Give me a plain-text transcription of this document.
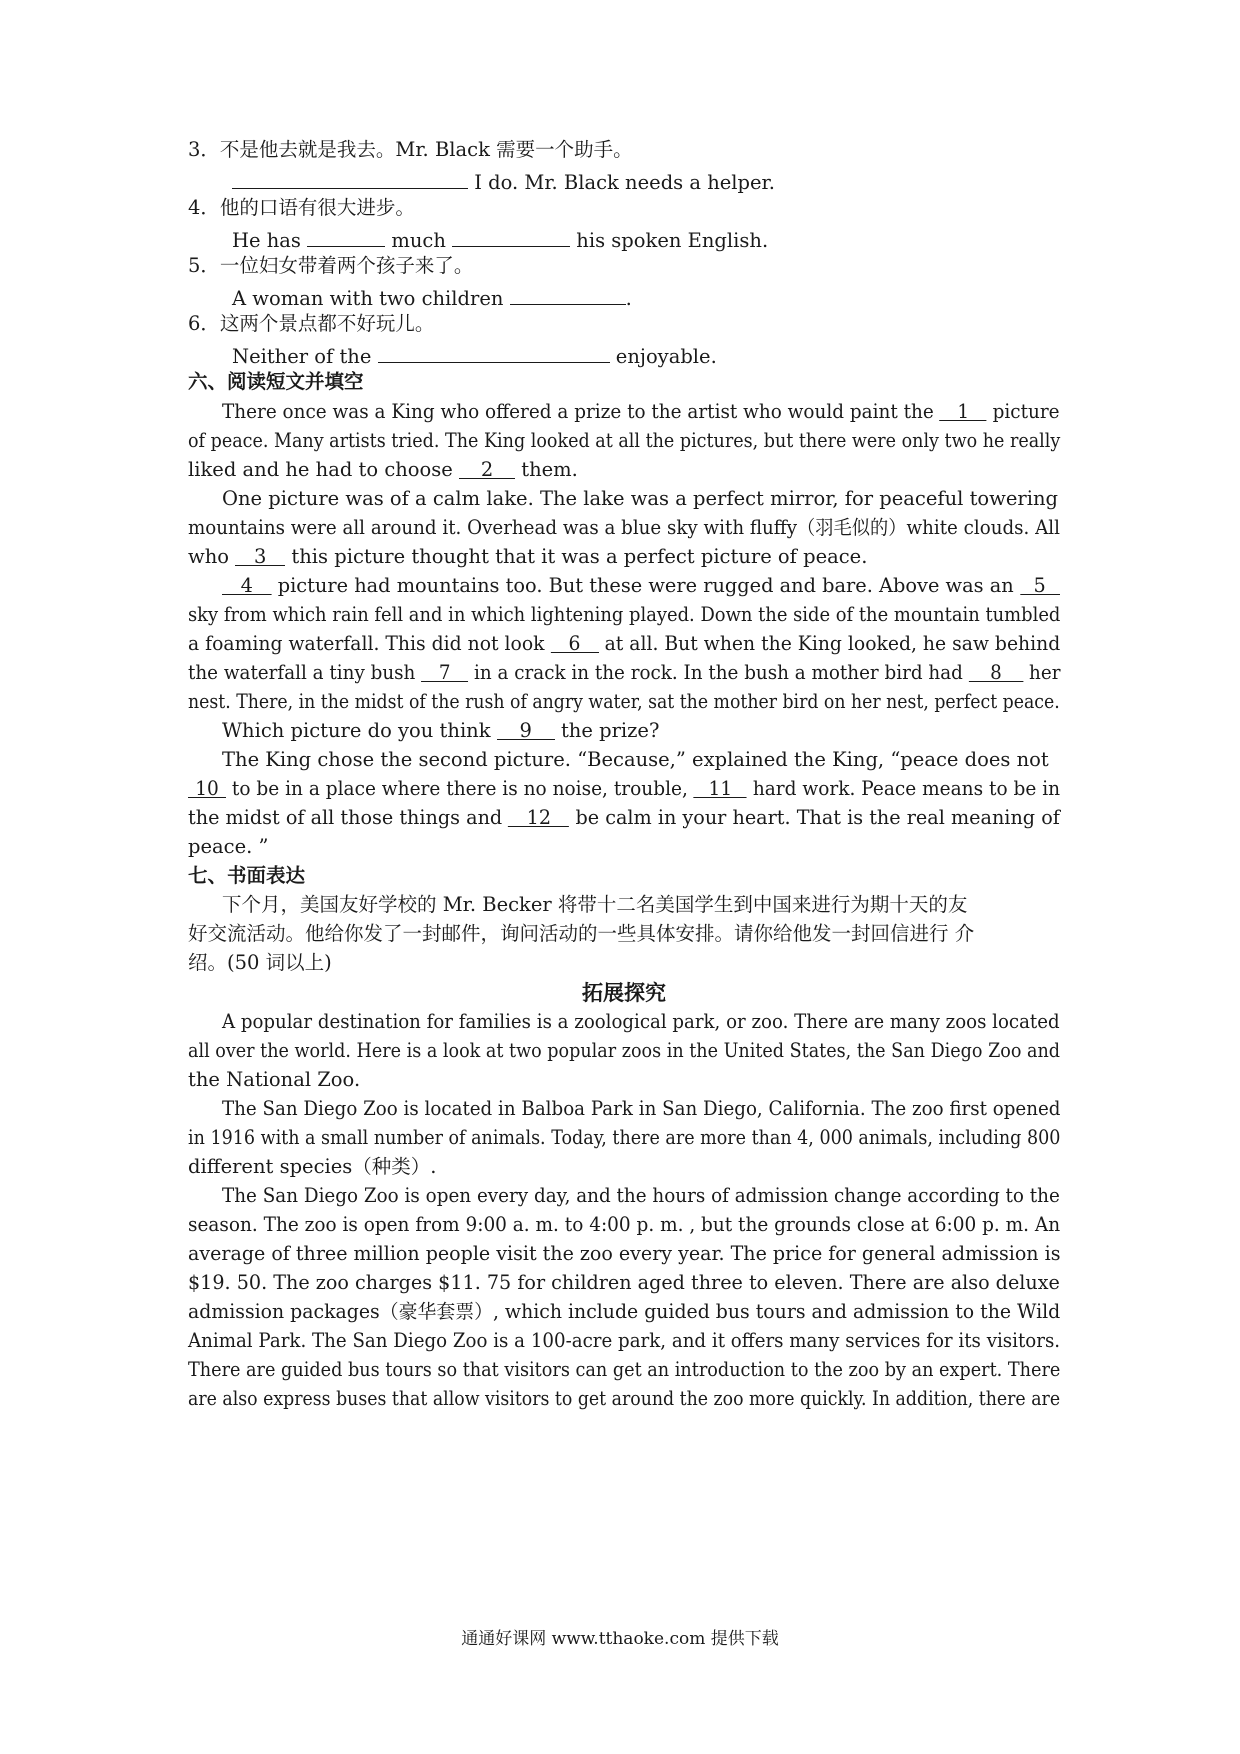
3．不是他去就是我去。Mr. Black 需要一个助手。
I do. Mr. Black needs a helper.
4．他的口语有很大进步。
He has	much	his spoken English.
5．一位妇女带着两个孩子来了。
A woman with two children	.
6．这两个景点都不好玩儿。
Neither of the	enjoyable.
六、阅读短文并填空
There once was a King who offered a prize to the artist who would paint the 1 picture
of peace. Many artists tried. The King looked at all the pictures, but there were only two he really
liked and he had to choose 2 them.
One picture was of a calm lake. The lake was a perfect mirror, for peaceful towering
mountains were all around it. Overhead was a blue sky with fluffy（羽毛似的）white clouds. All
who 3 this picture thought that it was a perfect picture of peace.
4 picture had mountains too. But these were rugged and bare. Above was an 5
sky from which rain fell and in which lightening played. Down the side of the mountain tumbled
a foaming waterfall. This did not look 6 at all. But when the King looked, he saw behind
the waterfall a tiny bush 7 in a crack in the rock. In the bush a mother bird had 8 her
nest. There, in the midst of the rush of angry water, sat the mother bird on her nest, perfect peace.
Which picture do you think 9 the prize?
The King chose the second picture. “Because,” explained the King, “peace does not
10 to be in a place where there is no noise, trouble, 11 hard work. Peace means to be in
the midst of all those things and 12 be calm in your heart. That is the real meaning of
peace. ”
七、书面表达
下个月，美国友好学校的 Mr. Becker 将带十二名美国学生到中国来进行为期十天的友
好交流活动。他给你发了一封邮件，询问活动的一些具体安排。请你给他发一封回信进行 介
绍。(50 词以上)
拓展探究
A popular destination for families is a zoological park, or zoo. There are many zoos located
all over the world. Here is a look at two popular zoos in the United States, the San Diego Zoo and
the National Zoo.
The San Diego Zoo is located in Balboa Park in San Diego, California. The zoo first opened
in 1916 with a small number of animals. Today, there are more than 4, 000 animals, including 800
different species（种类）.
The San Diego Zoo is open every day, and the hours of admission change according to the
season. The zoo is open from 9:00 a. m. to 4:00 p. m. , but the grounds close at 6:00 p. m. An
average of three million people visit the zoo every year. The price for general admission is
$19. 50. The zoo charges $11. 75 for children aged three to eleven. There are also deluxe
admission packages（豪华套票）, which include guided bus tours and admission to the Wild
Animal Park. The San Diego Zoo is a 100-acre park, and it offers many services for its visitors.
There are guided bus tours so that visitors can get an introduction to the zoo by an expert. There
are also express buses that allow visitors to get around the zoo more quickly. In addition, there are
通通好课网 www.tthaoke.com 提供下载
